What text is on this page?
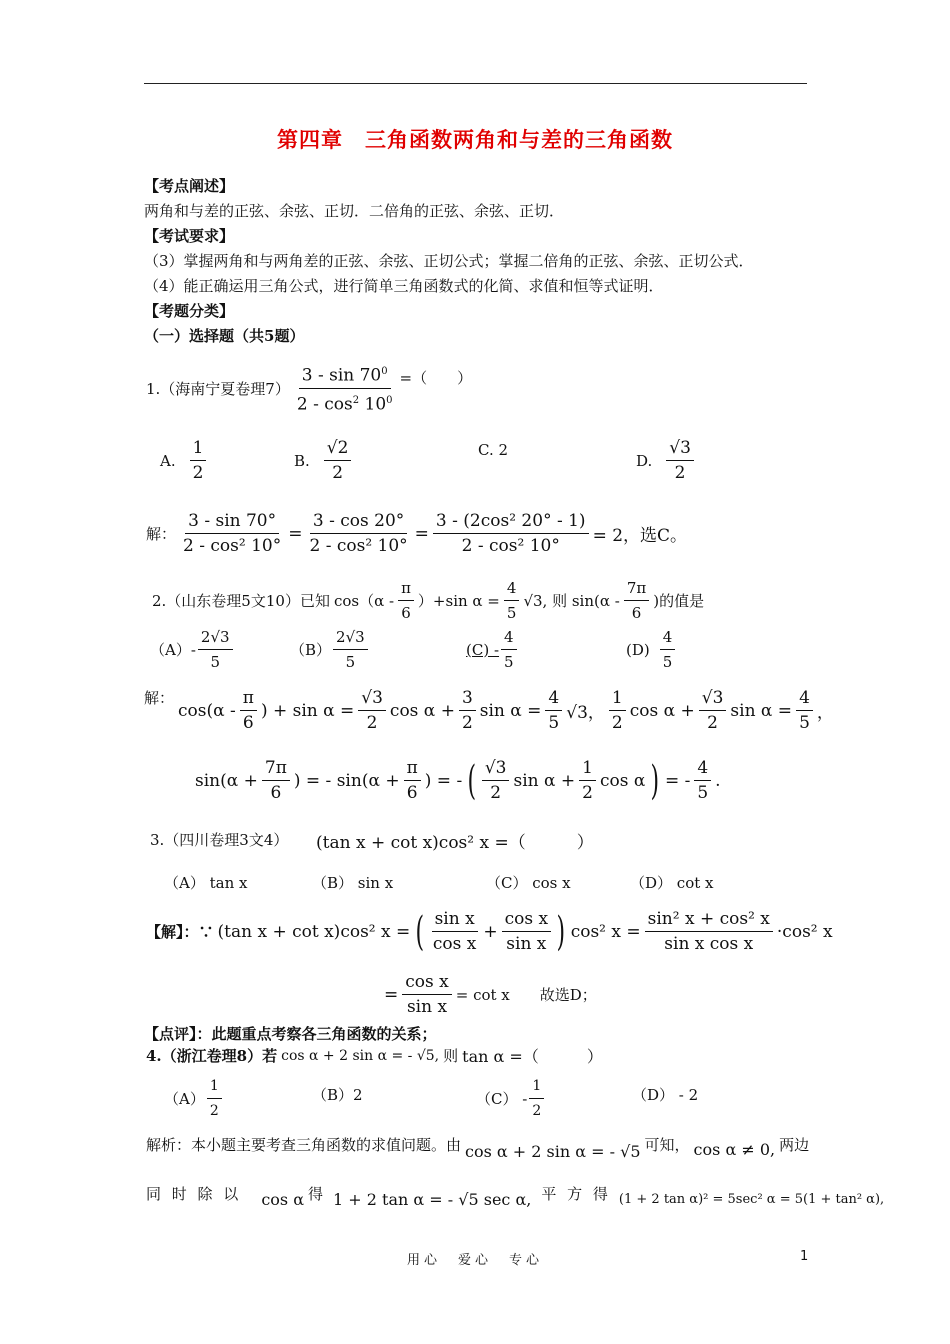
第四章　三角函数两角和与差的三角函数
【考点阐述】
两角和与差的正弦、余弦、正切．二倍角的正弦、余弦、正切．
【考试要求】
（3）掌握两角和与两角差的正弦、余弦、正切公式；掌握二倍角的正弦、余弦、正切公式．
（4）能正确运用三角公式，进行简单三角函数式的化简、求值和恒等式证明．
【考题分类】
（一）选择题（共5题）
1.（海南宁夏卷理$7) \frac{3 - \sin 70^0}{2 - \cos^2 10^0}$ =（　　）
A. $\frac{1}{2}$	B. $\frac{√2}{2}$	C. 2
D. $\frac{√3}{2}$
解： $\frac{3 - \sin 70^\circ}{\text{2 - cos² 10°}} = \frac{3 - \cos 20^\circ}{\text{2 - cos² 10°}} = \frac{\text{3 - (2cos² 20° - 1)}}{\text{2 - cos² 10°}} = 2$，选C。
2.（山东卷理5文10）已知 $\cos(\alpha - \frac{\pi}{6} )+\sin$ $\alpha = \frac{4}{5} √3$, 则 $\sin(\alpha - \frac{7\pi}{6}$ )的值是
$(A)- \frac{2√3}{5}$	$(B) \frac{2√3}{5}$	$(C) - \frac{4}{5}$	$(D) \frac{4}{5}$
解：
$\cos(\alpha - \frac{\pi}{6}$ ) + $\sin \alpha = \frac{√3}{2}$ $\cos \alpha + \frac{3}{2}$ $\sin \alpha = \frac{4}{5} √3$， $\frac{1}{2}$ $\cos \alpha + \frac{√3}{2}$ $\sin \alpha = \frac{4}{5}$ ，
$\sin(\alpha + \frac{7\pi}{6}$ ) = - $\sin(\alpha + \frac{\pi}{6}$ ) = - ( $\frac{√3}{2}$ $\sin \alpha + \frac{1}{2}$ cos α ) = - $\frac{4}{5}$ .
3.（四川卷理3文4） (tan x + cot x)cos² x =（　　　）
（A） tan x	（B） sin x	（C） cos x	（D） cot x
【解】：∵ (tan x + cot x)cos² x = ( $\frac{\text{sin x}}{\text{cos x}} + \frac{\text{cos x}}{\text{sin x}}$ ) cos² $x = \frac{\text{sin² x + cos² x}}{\text{sin x cos x}} \cdot\cos^2$ x
= $\frac{\text{cos x}}{\text{sin x}} = \cot x$　　故选D；
【点评】：此题重点考察各三角函数的关系；
4.（浙江卷理8）若 cos α + 2 sin α = - √5, 则 tan α =（　　　）
$(A) \frac{1}{2}$	（B）2	$(C) - \frac{1}{2}$	（D） - 2
解析：本小题主要考查三角函数的求值问题。由 cos α + 2 sin α = - √5 可知， cos α ≠ 0, 两边
同 时 除 以 cos α 得 1 + 2 tan α = - √5 sec α, 平 方 得 (1 + 2 tan α)² = 5sec² α = 5(1 + tan² α),
用心　爱心　专心	1
